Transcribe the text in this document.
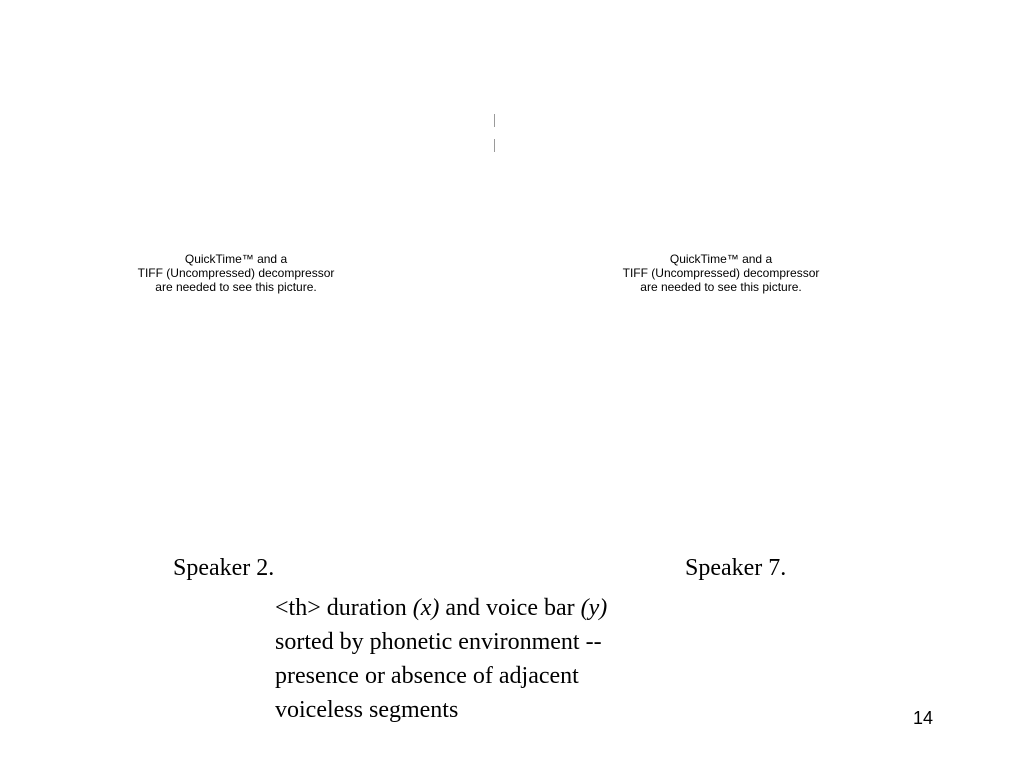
QuickTime™ and a
TIFF (Uncompressed) decompressor
are needed to see this picture.
QuickTime™ and a
TIFF (Uncompressed) decompressor
are needed to see this picture.
Speaker 2.	Speaker 7.
<th> duration (x) and voice bar (y)
sorted by phonetic environment --
presence or absence of adjacent
voiceless segments	14
